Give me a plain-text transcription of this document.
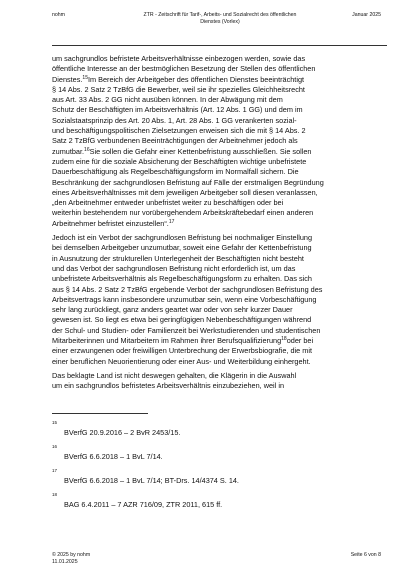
nohm	ZTR - Zeitschrift für Tarif-, Arbeits- und Sozialrecht des öffentlichen
Dienstes (Vorlex)
Januar 2025

um sachgrundlos befristete Arbeitsverhältnisse einbezogen werden, sowie das
öffentliche Interesse an der bestmöglichen Besetzung der Stellen des öffentlichen
Dienstes.$^{15}$Im Bereich der Arbeitgeber des öffentlichen Dienstes beeinträchtigt
§ 14 Abs. 2 Satz 2 TzBfG die Bewerber, weil sie ihr spezielles Gleichheitsrecht
aus Art. 33 Abs. 2 GG nicht ausüben können. In der Abwägung mit dem
Schutz der Beschäftigten im Arbeitsverhältnis (Art. 12 Abs. 1 GG) und dem im
Sozialstaatsprinzip des Art. 20 Abs. 1, Art. 28 Abs. 1 GG verankerten sozial-
und beschäftigungspolitischen Zielsetzungen erweisen sich die mit § 14 Abs. 2
Satz 2 TzBfG verbundenen Beeinträchtigungen der Arbeitnehmer jedoch als
zumutbar.$^{16}$Sie sollen die Gefahr einer Kettenbefristung ausschließen. Sie sollen
zudem eine für die soziale Absicherung der Beschäftigten wichtige unbefristete
Dauerbeschäftigung als Regelbeschäftigungsform im Normalfall sichern. Die
Beschränkung der sachgrundlosen Befristung auf Fälle der erstmaligen Begründung
eines Arbeitsverhältnisses mit dem jeweiligen Arbeitgeber soll diesen veranlassen,
„den Arbeitnehmer entweder unbefristet weiter zu beschäftigen oder bei
weiterhin bestehendem nur vorübergehendem Arbeitskräftebedarf einen anderen
Arbeitnehmer befristet einzustellen“.$^{17}$

Jedoch ist ein Verbot der sachgrundlosen Befristung bei nochmaliger Einstellung
bei demselben Arbeitgeber unzumutbar, soweit eine Gefahr der Kettenbefristung
in Ausnutzung der strukturellen Unterlegenheit der Beschäftigten nicht besteht
und das Verbot der sachgrundlosen Befristung nicht erforderlich ist, um das
unbefristete Arbeitsverhältnis als Regelbeschäftigungsform zu erhalten. Das sich
aus § 14 Abs. 2 Satz 2 TzBfG ergebende Verbot der sachgrundlosen Befristung des
Arbeitsvertrags kann insbesondere unzumutbar sein, wenn eine Vorbeschäftigung
sehr lang zurückliegt, ganz anders geartet war oder von sehr kurzer Dauer
gewesen ist. So liegt es etwa bei geringfügigen Nebenbeschäftigungen während
der Schul- und Studien- oder Familienzeit bei Werkstudierenden und studentischen
Mitarbeiterinnen und Mitarbeitern im Rahmen ihrer Berufsqualifizierung$^{18}$oder bei
einer erzwungenen oder freiwilligen Unterbrechung der Erwerbsbiografie, die mit
einer beruflichen Neuorientierung oder einer Aus- und Weiterbildung einhergeht.

Das beklagte Land ist nicht deswegen gehalten, die Klägerin in die Auswahl
um ein sachgrundlos befristetes Arbeitsverhältnis einzubeziehen, weil in

15
BVerfG 20.9.2016 – 2 BvR 2453/15.
16
BVerfG 6.6.2018 – 1 BvL 7/14.
17
BVerfG 6.6.2018 – 1 BvL 7/14; BT-Drs. 14/4374 S. 14.
18
BAG 6.4.2011 – 7 AZR 716/09, ZTR 2011, 615 ff.
© 2025 by nohm
11.01.2025
Seite 6 von 8
